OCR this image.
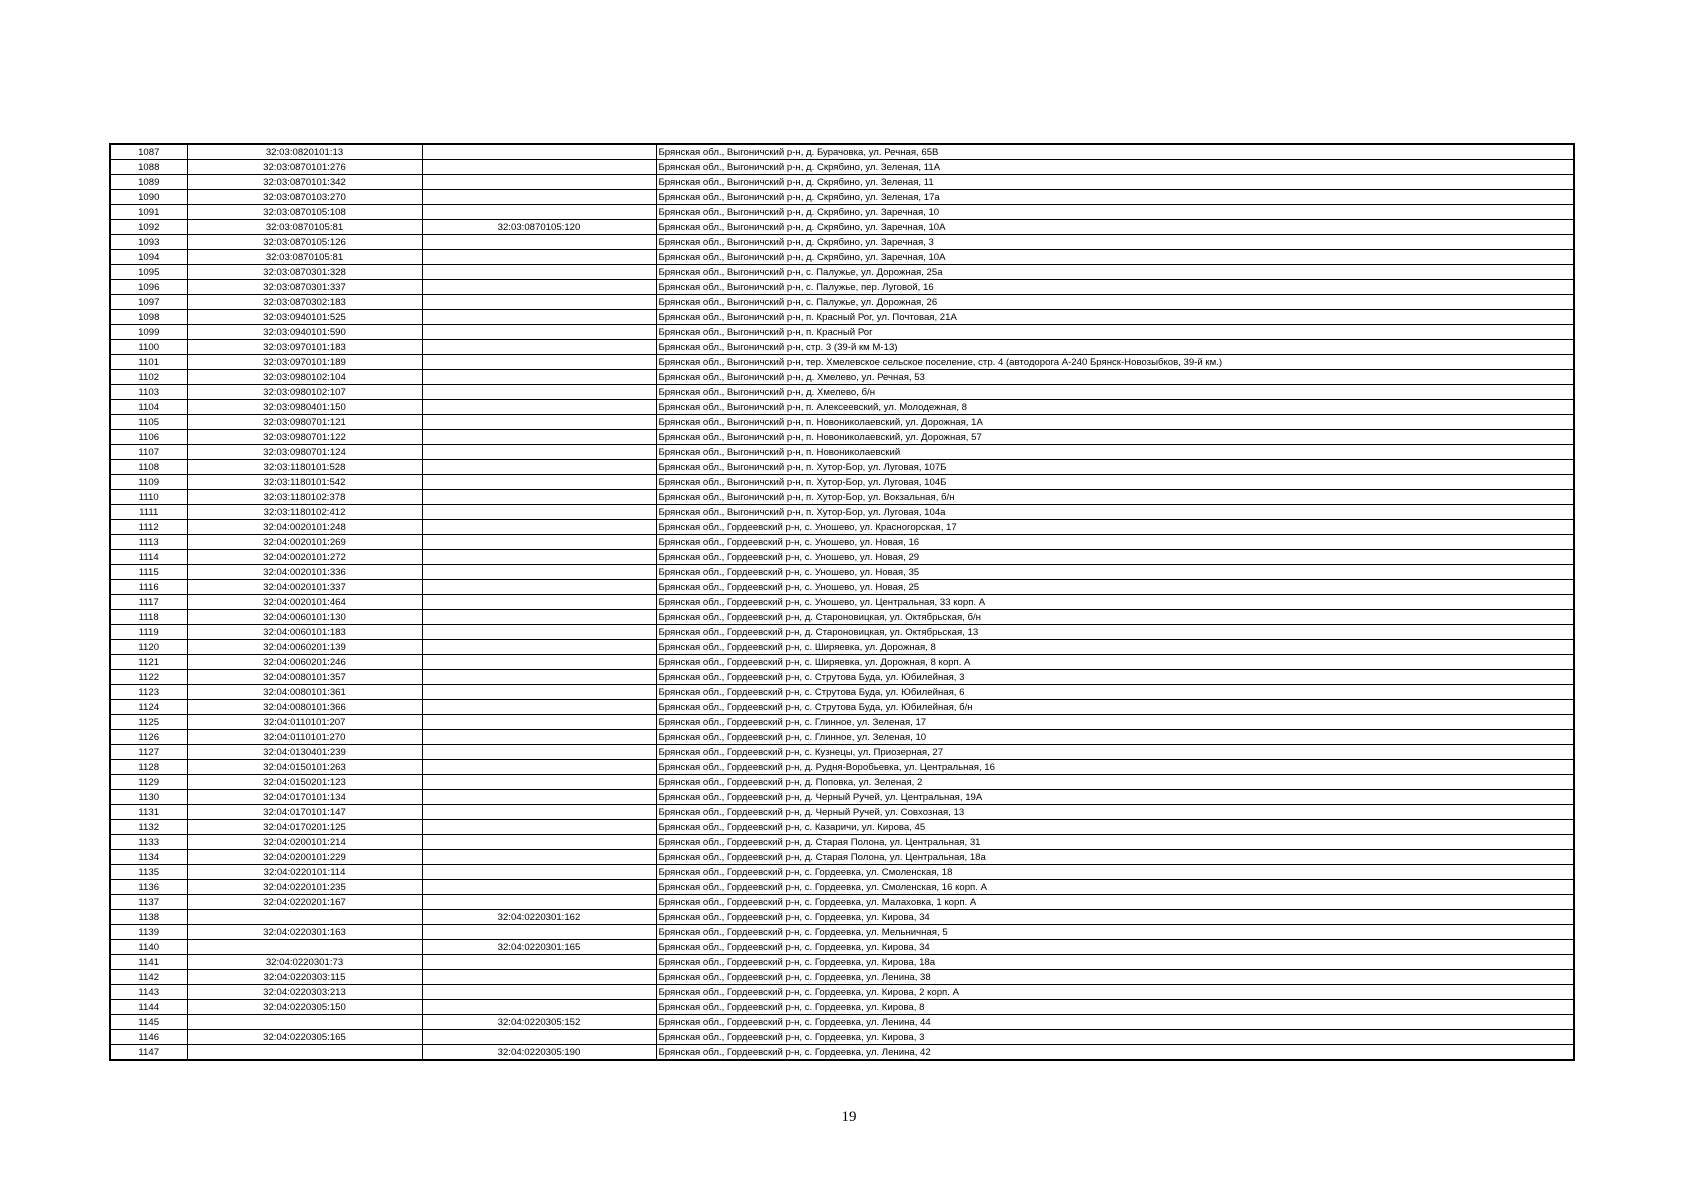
1087	32:03:0820101:13		Брянская обл., Выгоничский р-н, д. Бурачовка, ул. Речная, 65В
1088	32:03:0870101:276		Брянская обл., Выгоничский р-н, д. Скрябино, ул. Зеленая, 11А
1089	32:03:0870101:342		Брянская обл., Выгоничский р-н, д. Скрябино, ул. Зеленая, 11
1090	32:03:0870103:270		Брянская обл., Выгоничский р-н, д. Скрябино, ул. Зеленая, 17а
1091	32:03:0870105:108		Брянская обл., Выгоничский р-н, д. Скрябино, ул. Заречная, 10
1092	32:03:0870105:81	32:03:0870105:120	Брянская обл., Выгоничский р-н, д. Скрябино, ул. Заречная, 10А
1093	32:03:0870105:126		Брянская обл., Выгоничский р-н, д. Скрябино, ул. Заречная, 3
1094	32:03:0870105:81		Брянская обл., Выгоничский р-н, д. Скрябино, ул. Заречная, 10А
1095	32:03:0870301:328		Брянская обл., Выгоничский р-н, с. Палужье, ул. Дорожная, 25а
1096	32:03:0870301:337		Брянская обл., Выгоничский р-н, с. Палужье, пер. Луговой, 16
1097	32:03:0870302:183		Брянская обл., Выгоничский р-н, с. Палужье, ул. Дорожная, 26
1098	32:03:0940101:525		Брянская обл., Выгоничский р-н, п. Красный Рог, ул. Почтовая, 21А
1099	32:03:0940101:590		Брянская обл., Выгоничский р-н, п. Красный Рог
1100	32:03:0970101:183		Брянская обл., Выгоничский р-н, стр. 3 (39-й км М-13)
1101	32:03:0970101:189		Брянская обл., Выгоничский р-н, тер. Хмелевское сельское поселение, стр. 4 (автодорога А-240 Брянск-Новозыбков, 39-й км.)
1102	32:03:0980102:104		Брянская обл., Выгоничский р-н, д. Хмелево, ул. Речная, 53
1103	32:03:0980102:107		Брянская обл., Выгоничский р-н, д. Хмелево, б/н
1104	32:03:0980401:150		Брянская обл., Выгоничский р-н, п. Алексеевский, ул. Молодежная, 8
1105	32:03:0980701:121		Брянская обл., Выгоничский р-н, п. Новониколаевский, ул. Дорожная, 1А
1106	32:03:0980701:122		Брянская обл., Выгоничский р-н, п. Новониколаевский, ул. Дорожная, 57
1107	32:03:0980701:124		Брянская обл., Выгоничский р-н, п. Новониколаевский
1108	32:03:1180101:528		Брянская обл., Выгоничский р-н, п. Хутор-Бор, ул. Луговая, 107Б
1109	32:03:1180101:542		Брянская обл., Выгоничский р-н, п. Хутор-Бор, ул. Луговая, 104Б
1110	32:03:1180102:378		Брянская обл., Выгоничский р-н, п. Хутор-Бор, ул. Вокзальная, б/н
1111	32:03:1180102:412		Брянская обл., Выгоничский р-н, п. Хутор-Бор, ул. Луговая, 104а
1112	32:04:0020101:248		Брянская обл., Гордеевский р-н, с. Уношево, ул. Красногорская, 17
1113	32:04:0020101:269		Брянская обл., Гордеевский р-н, с. Уношево, ул. Новая, 16
1114	32:04:0020101:272		Брянская обл., Гордеевский р-н, с. Уношево, ул. Новая, 29
1115	32:04:0020101:336		Брянская обл., Гордеевский р-н, с. Уношево, ул. Новая, 35
1116	32:04:0020101:337		Брянская обл., Гордеевский р-н, с. Уношево, ул. Новая, 25
1117	32:04:0020101:464		Брянская обл., Гордеевский р-н, с. Уношево, ул. Центральная, 33 корп. А
1118	32:04:0060101:130		Брянская обл., Гордеевский р-н, д. Староновицкая, ул. Октябрьская, б/н
1119	32:04:0060101:183		Брянская обл., Гордеевский р-н, д. Староновицкая, ул. Октябрьская, 13
1120	32:04:0060201:139		Брянская обл., Гордеевский р-н, с. Ширяевка, ул. Дорожная, 8
1121	32:04:0060201:246		Брянская обл., Гордеевский р-н, с. Ширяевка, ул. Дорожная, 8 корп. А
1122	32:04:0080101:357		Брянская обл., Гордеевский р-н, с. Струтова Буда, ул. Юбилейная, 3
1123	32:04:0080101:361		Брянская обл., Гордеевский р-н, с. Струтова Буда, ул. Юбилейная, 6
1124	32:04:0080101:366		Брянская обл., Гордеевский р-н, с. Струтова Буда, ул. Юбилейная, б/н
1125	32:04:0110101:207		Брянская обл., Гордеевский р-н, с. Глинное, ул. Зеленая, 17
1126	32:04:0110101:270		Брянская обл., Гордеевский р-н, с. Глинное, ул. Зеленая, 10
1127	32:04:0130401:239		Брянская обл., Гордеевский р-н, с. Кузнецы, ул. Приозерная, 27
1128	32:04:0150101:263		Брянская обл., Гордеевский р-н, д. Рудня-Воробьевка, ул. Центральная, 16
1129	32:04:0150201:123		Брянская обл., Гордеевский р-н, д. Поповка, ул. Зеленая, 2
1130	32:04:0170101:134		Брянская обл., Гордеевский р-н, д. Черный Ручей, ул. Центральная, 19А
1131	32:04:0170101:147		Брянская обл., Гордеевский р-н, д. Черный Ручей, ул. Совхозная, 13
1132	32:04:0170201:125		Брянская обл., Гордеевский р-н, с. Казаричи, ул. Кирова, 45
1133	32:04:0200101:214		Брянская обл., Гордеевский р-н, д. Старая Полона, ул. Центральная, 31
1134	32:04:0200101:229		Брянская обл., Гордеевский р-н, д. Старая Полона, ул. Центральная, 18а
1135	32:04:0220101:114		Брянская обл., Гордеевский р-н, с. Гордеевка, ул. Смоленская, 18
1136	32:04:0220101:235		Брянская обл., Гордеевский р-н, с. Гордеевка, ул. Смоленская, 16 корп. А
1137	32:04:0220201:167		Брянская обл., Гордеевский р-н, с. Гордеевка, ул. Малаховка, 1 корп. А
1138		32:04:0220301:162	Брянская обл., Гордеевский р-н, с. Гордеевка, ул. Кирова, 34
1139	32:04:0220301:163		Брянская обл., Гордеевский р-н, с. Гордеевка, ул. Мельничная, 5
1140		32:04:0220301:165	Брянская обл., Гордеевский р-н, с. Гордеевка, ул. Кирова, 34
1141	32:04:0220301:73		Брянская обл., Гордеевский р-н, с. Гордеевка, ул. Кирова, 18а
1142	32:04:0220303:115		Брянская обл., Гордеевский р-н, с. Гордеевка, ул. Ленина, 38
1143	32:04:0220303:213		Брянская обл., Гордеевский р-н, с. Гордеевка, ул. Кирова, 2 корп. А
1144	32:04:0220305:150		Брянская обл., Гордеевский р-н, с. Гордеевка, ул. Кирова, 8
1145		32:04:0220305:152	Брянская обл., Гордеевский р-н, с. Гордеевка, ул. Ленина, 44
1146	32:04:0220305:165		Брянская обл., Гордеевский р-н, с. Гордеевка, ул. Кирова, 3
1147		32:04:0220305:190	Брянская обл., Гордеевский р-н, с. Гордеевка, ул. Ленина, 42
19
